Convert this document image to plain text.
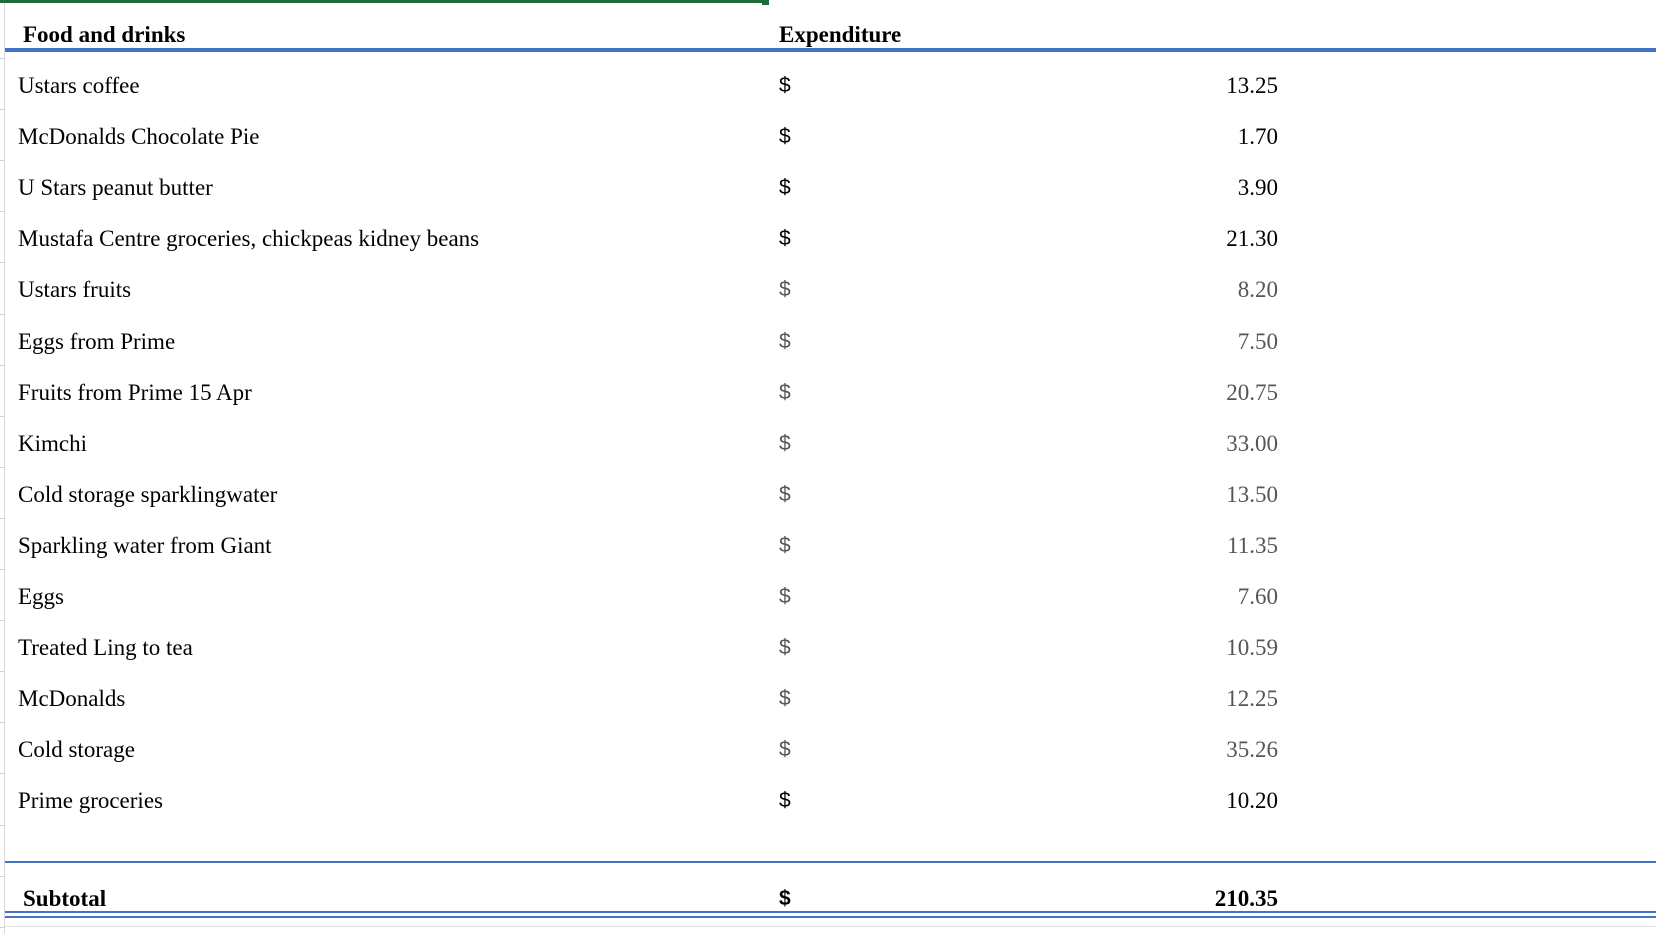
Food and drinks	Expenditure
Ustars coffee	$	13.25
McDonalds Chocolate Pie	$	1.70
U Stars peanut butter	$	3.90
Mustafa Centre groceries, chickpeas kidney beans	$	21.30
Ustars fruits	$	8.20
Eggs from Prime	$	7.50
Fruits from Prime 15 Apr	$	20.75
Kimchi	$	33.00
Cold storage sparklingwater	$	13.50
Sparkling water from Giant	$	11.35
Eggs	$	7.60
Treated Ling to tea	$	10.59
McDonalds	$	12.25
Cold storage	$	35.26
Prime groceries	$	10.20
Subtotal	$	210.35
